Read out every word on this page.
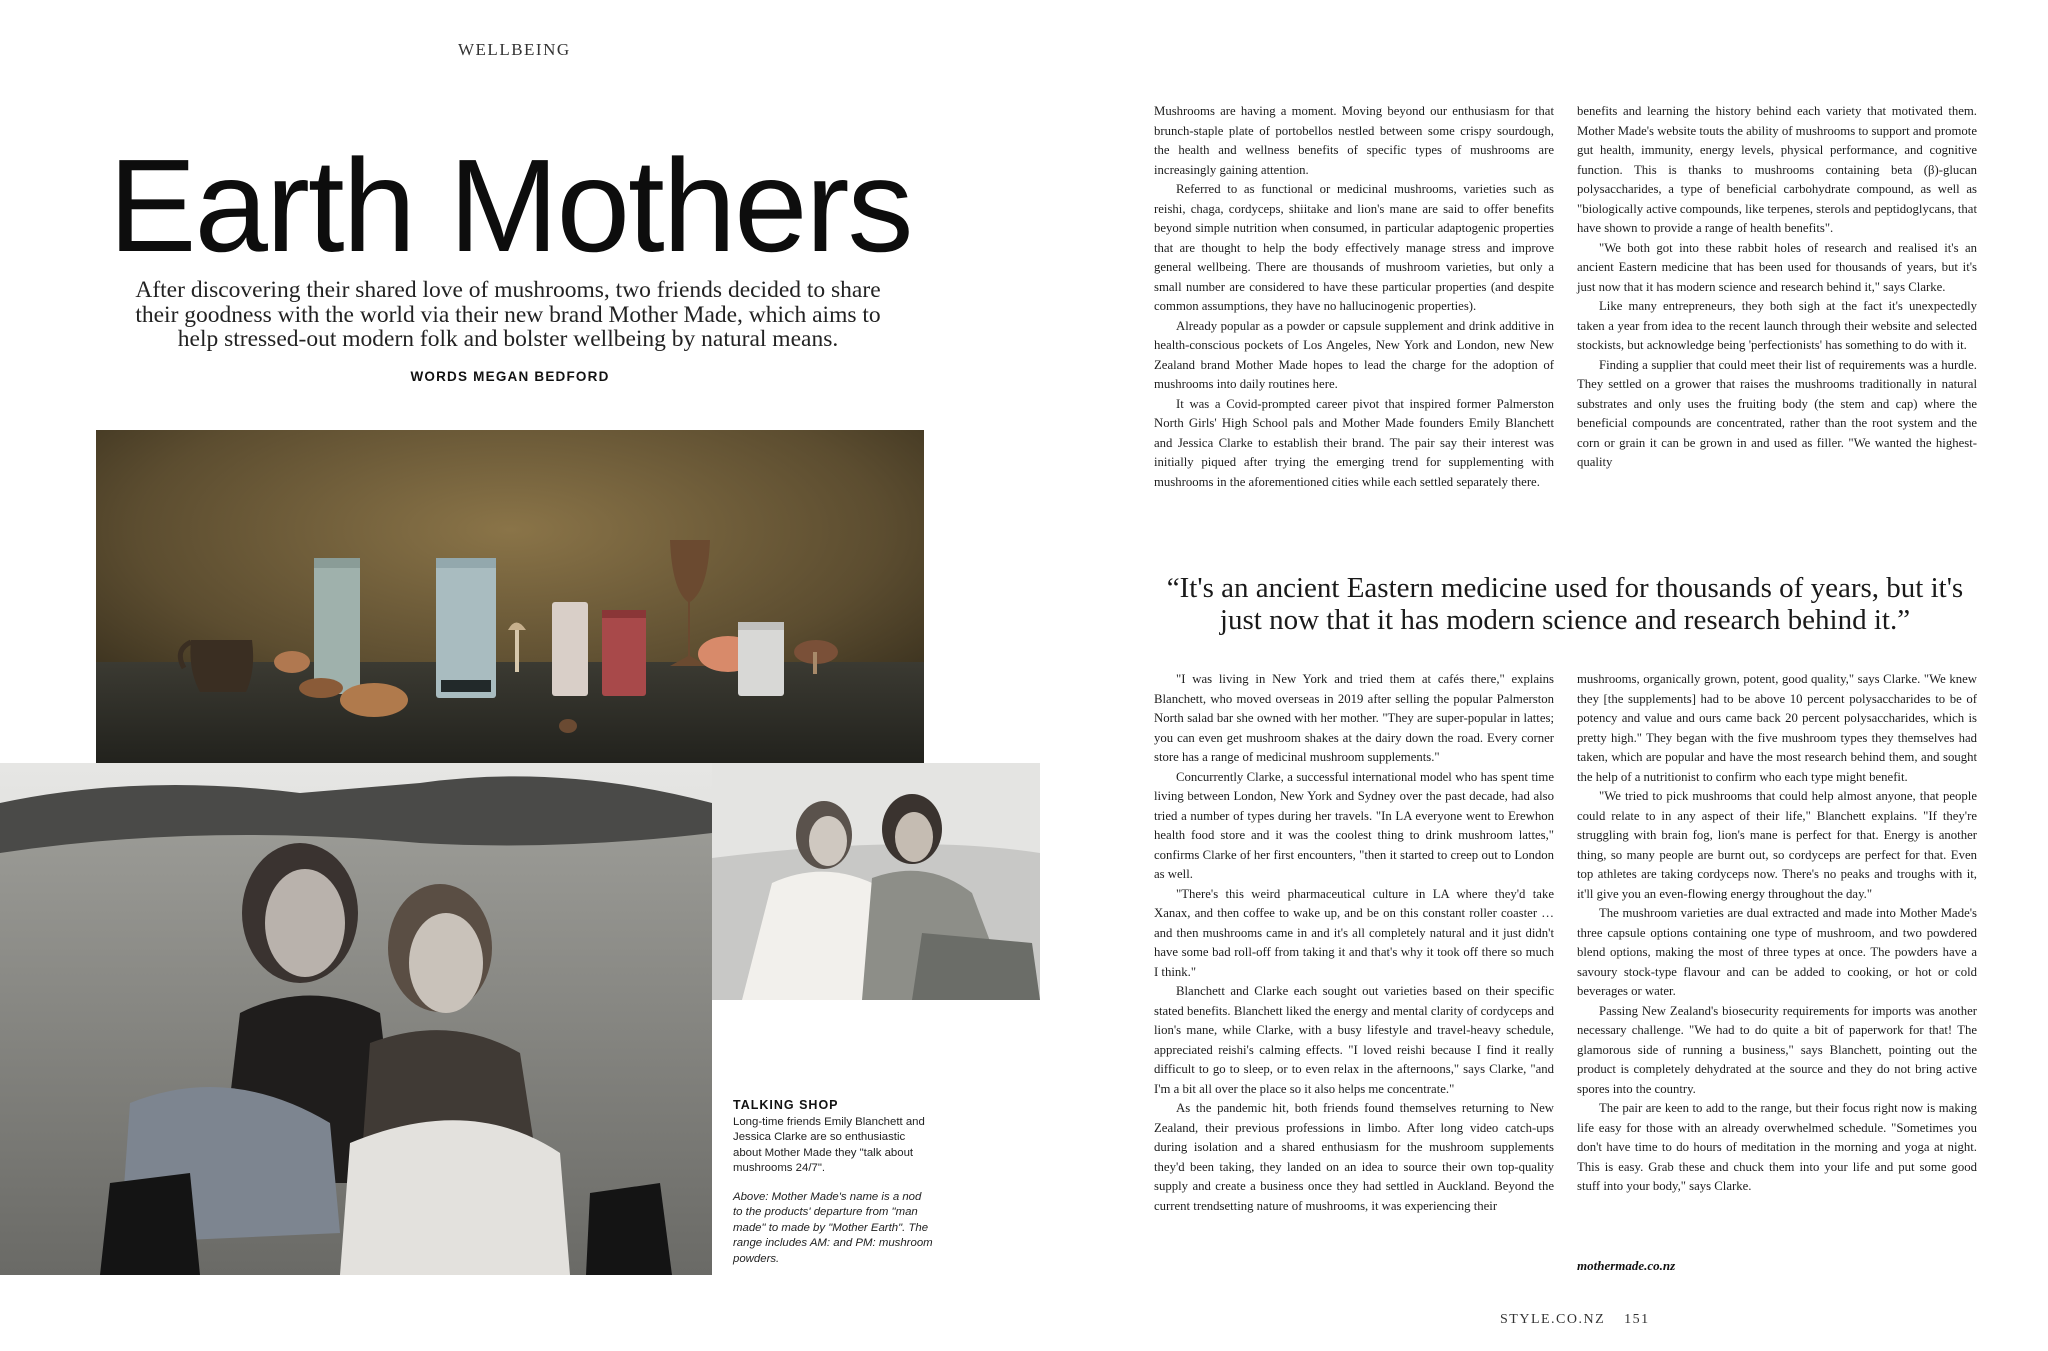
WELLBEING
Earth Mothers

After discovering their shared love of mushrooms, two friends decided to share their goodness with the world via their new brand Mother Made, which aims to help stressed-out modern folk and bolster wellbeing by natural means.

WORDS MEGAN BEDFORD
TALKING SHOP
Long-time friends Emily Blanchett and Jessica Clarke are so enthusiastic about Mother Made they "talk about mushrooms 24/7".
Above: Mother Made's name is a nod to the products' departure from "man made" to made by "Mother Earth". The range includes AM: and PM: mushroom powders.

Mushrooms are having a moment. Moving beyond our enthusiasm for that brunch-staple plate of portobellos nestled between some crispy sourdough, the health and wellness benefits of specific types of mushrooms are increasingly gaining attention.

Referred to as functional or medicinal mushrooms, varieties such as reishi, chaga, cordyceps, shiitake and lion's mane are said to offer benefits beyond simple nutrition when consumed, in particular adaptogenic properties that are thought to help the body effectively manage stress and improve general wellbeing. There are thousands of mushroom varieties, but only a small number are considered to have these particular properties (and despite common assumptions, they have no hallucinogenic properties).

Already popular as a powder or capsule supplement and drink additive in health-conscious pockets of Los Angeles, New York and London, new New Zealand brand Mother Made hopes to lead the charge for the adoption of mushrooms into daily routines here.

It was a Covid-prompted career pivot that inspired former Palmerston North Girls' High School pals and Mother Made founders Emily Blanchett and Jessica Clarke to establish their brand. The pair say their interest was initially piqued after trying the emerging trend for supplementing with mushrooms in the aforementioned cities while each settled separately there.

benefits and learning the history behind each variety that motivated them. Mother Made's website touts the ability of mushrooms to support and promote gut health, immunity, energy levels, physical performance, and cognitive function. This is thanks to mushrooms containing beta (β)-glucan polysaccharides, a type of beneficial carbohydrate compound, as well as "biologically active compounds, like terpenes, sterols and peptidoglycans, that have shown to provide a range of health benefits".

"We both got into these rabbit holes of research and realised it's an ancient Eastern medicine that has been used for thousands of years, but it's just now that it has modern science and research behind it," says Clarke.

Like many entrepreneurs, they both sigh at the fact it's unexpectedly taken a year from idea to the recent launch through their website and selected stockists, but acknowledge being 'perfectionists' has something to do with it.

Finding a supplier that could meet their list of requirements was a hurdle. They settled on a grower that raises the mushrooms traditionally in natural substrates and only uses the fruiting body (the stem and cap) where the beneficial compounds are concentrated, rather than the root system and the corn or grain it can be grown in and used as filler. "We wanted the highest-quality

“It's an ancient Eastern medicine used for thousands of years, but it's just now that it has modern science and research behind it.”

"I was living in New York and tried them at cafés there," explains Blanchett, who moved overseas in 2019 after selling the popular Palmerston North salad bar she owned with her mother. "They are super-popular in lattes; you can even get mushroom shakes at the dairy down the road. Every corner store has a range of medicinal mushroom supplements."

Concurrently Clarke, a successful international model who has spent time living between London, New York and Sydney over the past decade, had also tried a number of types during her travels. "In LA everyone went to Erewhon health food store and it was the coolest thing to drink mushroom lattes," confirms Clarke of her first encounters, "then it started to creep out to London as well.

"There's this weird pharmaceutical culture in LA where they'd take Xanax, and then coffee to wake up, and be on this constant roller coaster … and then mushrooms came in and it's all completely natural and it just didn't have some bad roll-off from taking it and that's why it took off there so much I think."

Blanchett and Clarke each sought out varieties based on their specific stated benefits. Blanchett liked the energy and mental clarity of cordyceps and lion's mane, while Clarke, with a busy lifestyle and travel-heavy schedule, appreciated reishi's calming effects. "I loved reishi because I find it really difficult to go to sleep, or to even relax in the afternoons," says Clarke, "and I'm a bit all over the place so it also helps me concentrate."

As the pandemic hit, both friends found themselves returning to New Zealand, their previous professions in limbo. After long video catch-ups during isolation and a shared enthusiasm for the mushroom supplements they'd been taking, they landed on an idea to source their own top-quality supply and create a business once they had settled in Auckland. Beyond the current trendsetting nature of mushrooms, it was experiencing their

mushrooms, organically grown, potent, good quality," says Clarke. "We knew they [the supplements] had to be above 10 percent polysaccharides to be of potency and value and ours came back 20 percent polysaccharides, which is pretty high." They began with the five mushroom types they themselves had taken, which are popular and have the most research behind them, and sought the help of a nutritionist to confirm who each type might benefit.

"We tried to pick mushrooms that could help almost anyone, that people could relate to in any aspect of their life," Blanchett explains. "If they're struggling with brain fog, lion's mane is perfect for that. Energy is another thing, so many people are burnt out, so cordyceps are perfect for that. Even top athletes are taking cordyceps now. There's no peaks and troughs with it, it'll give you an even-flowing energy throughout the day."

The mushroom varieties are dual extracted and made into Mother Made's three capsule options containing one type of mushroom, and two powdered blend options, making the most of three types at once. The powders have a savoury stock-type flavour and can be added to cooking, or hot or cold beverages or water.

Passing New Zealand's biosecurity requirements for imports was another necessary challenge. "We had to do quite a bit of paperwork for that! The glamorous side of running a business," says Blanchett, pointing out the product is completely dehydrated at the source and they do not bring active spores into the country.

The pair are keen to add to the range, but their focus right now is making life easy for those with an already overwhelmed schedule. "Sometimes you don't have time to do hours of meditation in the morning and yoga at night. This is easy. Grab these and chuck them into your life and put some good stuff into your body," says Clarke.

mothermade.co.nz
STYLE.CO.NZ 151
